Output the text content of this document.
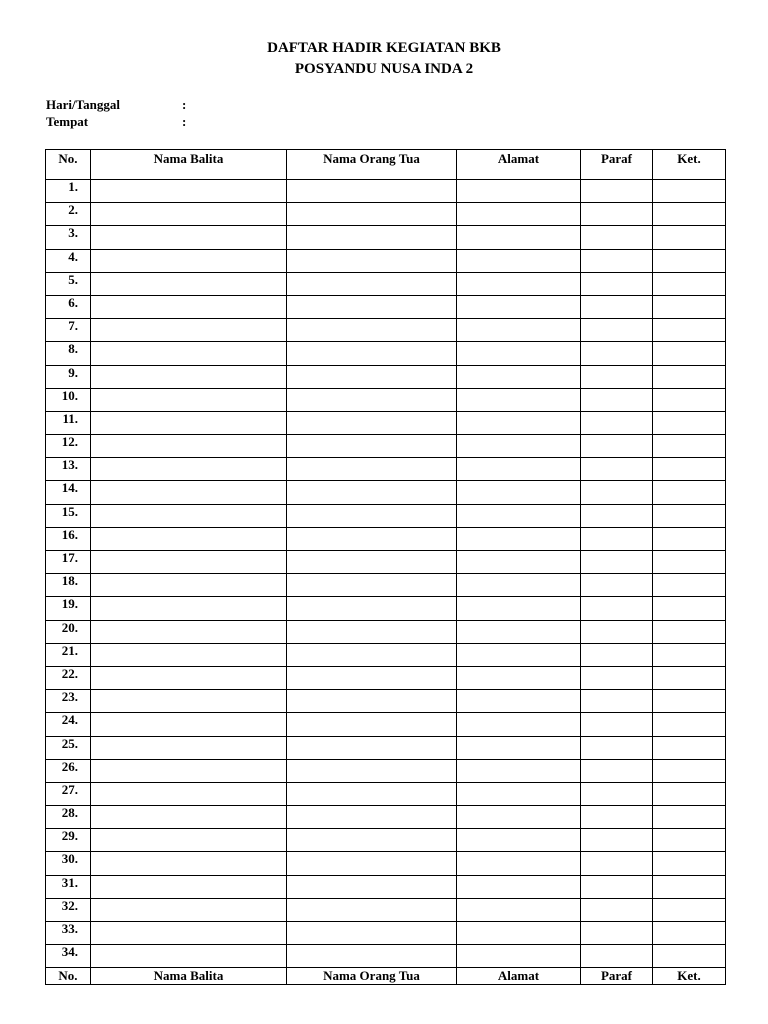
DAFTAR HADIR KEGIATAN BKB
POSYANDU NUSA INDA 2
Hari/Tanggal	:
Tempat	:
No.	Nama Balita	Nama Orang Tua	Alamat	Paraf	Ket.
1.					
2.					
3.					
4.					
5.					
6.					
7.					
8.					
9.					
10.					
11.					
12.					
13.					
14.					
15.					
16.					
17.					
18.					
19.					
20.					
21.					
22.					
23.					
24.					
25.					
26.					
27.					
28.					
29.					
30.					
31.					
32.					
33.					
34.					
No.	Nama Balita	Nama Orang Tua	Alamat	Paraf	Ket.
